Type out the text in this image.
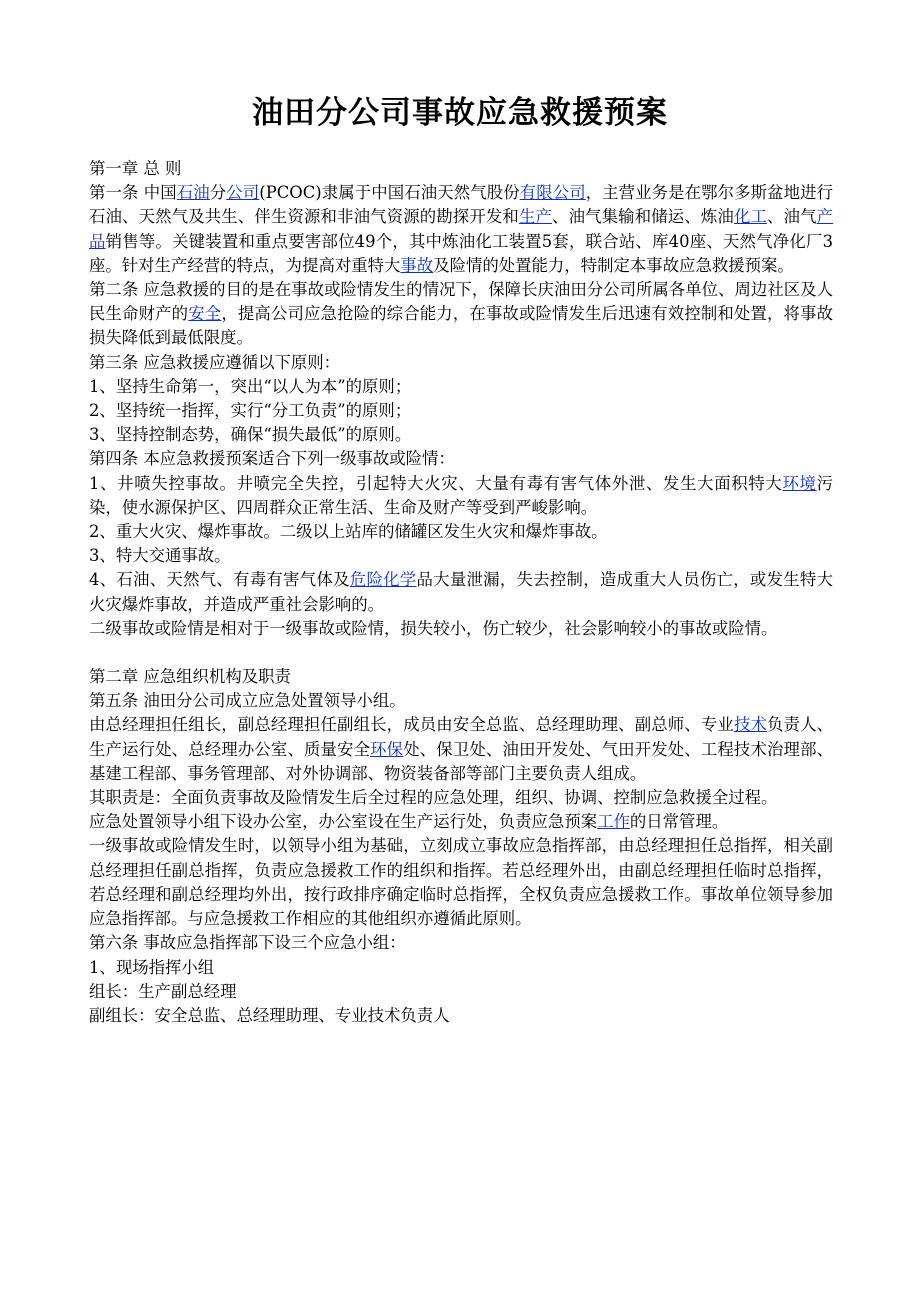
油田分公司事故应急救援预案

第一章 总 则

第一条 中国石油分公司(PCOC)隶属于中国石油天然气股份有限公司，主营业务是在鄂尔多斯盆地进行石油、天然气及共生、伴生资源和非油气资源的勘探开发和生产、油气集输和储运、炼油化工、油气产品销售等。关键装置和重点要害部位49个，其中炼油化工装置5套，联合站、库40座、天然气净化厂3座。针对生产经营的特点，为提高对重特大事故及险情的处置能力，特制定本事故应急救援预案。

第二条 应急救援的目的是在事故或险情发生的情况下，保障长庆油田分公司所属各单位、周边社区及人民生命财产的安全，提高公司应急抢险的综合能力，在事故或险情发生后迅速有效控制和处置，将事故损失降低到最低限度。

第三条 应急救援应遵循以下原则：

1、坚持生命第一，突出“以人为本”的原则；

2、坚持统一指挥，实行“分工负责”的原则；

3、坚持控制态势，确保“损失最低”的原则。

第四条 本应急救援预案适合下列一级事故或险情：

1、井喷失控事故。井喷完全失控，引起特大火灾、大量有毒有害气体外泄、发生大面积特大环境污染，使水源保护区、四周群众正常生活、生命及财产等受到严峻影响。

2、重大火灾、爆炸事故。二级以上站库的储罐区发生火灾和爆炸事故。

3、特大交通事故。

4、石油、天然气、有毒有害气体及危险化学品大量泄漏，失去控制，造成重大人员伤亡，或发生特大火灾爆炸事故，并造成严重社会影响的。

二级事故或险情是相对于一级事故或险情，损失较小，伤亡较少，社会影响较小的事故或险情。

第二章 应急组织机构及职责

第五条 油田分公司成立应急处置领导小组。

由总经理担任组长，副总经理担任副组长，成员由安全总监、总经理助理、副总师、专业技术负责人、生产运行处、总经理办公室、质量安全环保处、保卫处、油田开发处、气田开发处、工程技术治理部、基建工程部、事务管理部、对外协调部、物资装备部等部门主要负责人组成。

其职责是：全面负责事故及险情发生后全过程的应急处理，组织、协调、控制应急救援全过程。

应急处置领导小组下设办公室，办公室设在生产运行处，负责应急预案工作的日常管理。

一级事故或险情发生时，以领导小组为基础，立刻成立事故应急指挥部，由总经理担任总指挥，相关副总经理担任副总指挥，负责应急援救工作的组织和指挥。若总经理外出，由副总经理担任临时总指挥，若总经理和副总经理均外出，按行政排序确定临时总指挥，全权负责应急援救工作。事故单位领导参加应急指挥部。与应急援救工作相应的其他组织亦遵循此原则。

第六条 事故应急指挥部下设三个应急小组：

1、现场指挥小组

组长：生产副总经理

副组长：安全总监、总经理助理、专业技术负责人
